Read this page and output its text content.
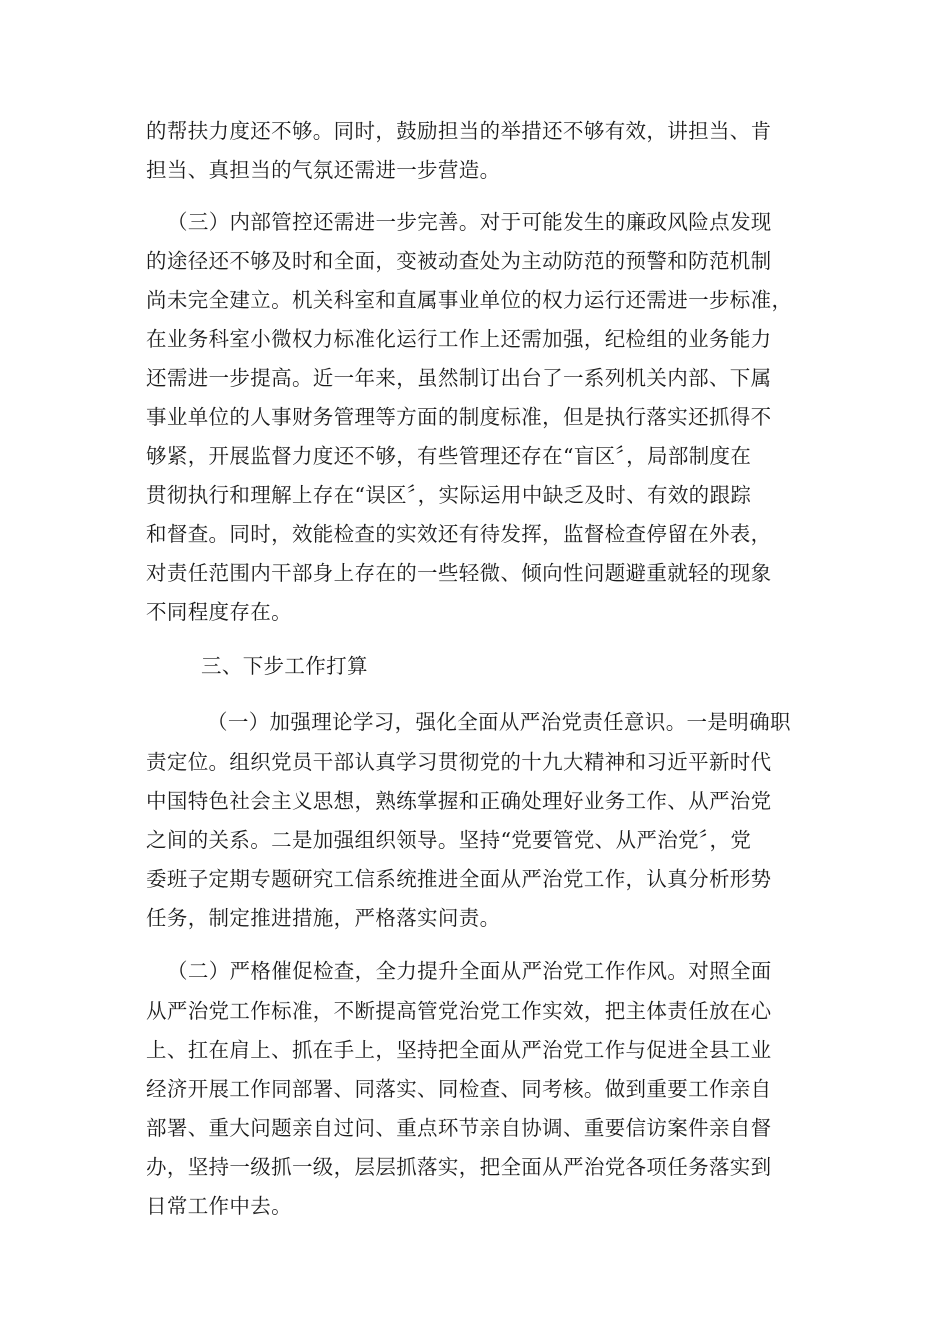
的帮扶力度还不够。同时，鼓励担当的举措还不够有效，讲担当、肯

担当、真担当的气氛还需进一步营造。

（三）内部管控还需进一步完善。对于可能发生的廉政风险点发现

的途径还不够及时和全面，变被动查处为主动防范的预警和防范机制

尚未完全建立。机关科室和直属事业单位的权力运行还需进一步标准，

在业务科室小微权力标准化运行工作上还需加强，纪检组的业务能力

还需进一步提高。近一年来，虽然制订出台了一系列机关内部、下属

事业单位的人事财务管理等方面的制度标准，但是执行落实还抓得不

够紧，开展监督力度还不够，有些管理还存在“盲区〞，局部制度在

贯彻执行和理解上存在“误区〞，实际运用中缺乏及时、有效的跟踪

和督查。同时，效能检查的实效还有待发挥，监督检查停留在外表，

对责任范围内干部身上存在的一些轻微、倾向性问题避重就轻的现象

不同程度存在。

三、下步工作打算

（一）加强理论学习，强化全面从严治党责任意识。一是明确职

责定位。组织党员干部认真学习贯彻党的十九大精神和习近平新时代

中国特色社会主义思想，熟练掌握和正确处理好业务工作、从严治党

之间的关系。二是加强组织领导。坚持“党要管党、从严治党〞，党

委班子定期专题研究工信系统推进全面从严治党工作，认真分析形势

任务，制定推进措施，严格落实问责。

（二）严格催促检查，全力提升全面从严治党工作作风。对照全面

从严治党工作标准，不断提高管党治党工作实效，把主体责任放在心

上、扛在肩上、抓在手上，坚持把全面从严治党工作与促进全县工业

经济开展工作同部署、同落实、同检查、同考核。做到重要工作亲自

部署、重大问题亲自过问、重点环节亲自协调、重要信访案件亲自督

办，坚持一级抓一级，层层抓落实，把全面从严治党各项任务落实到

日常工作中去。
